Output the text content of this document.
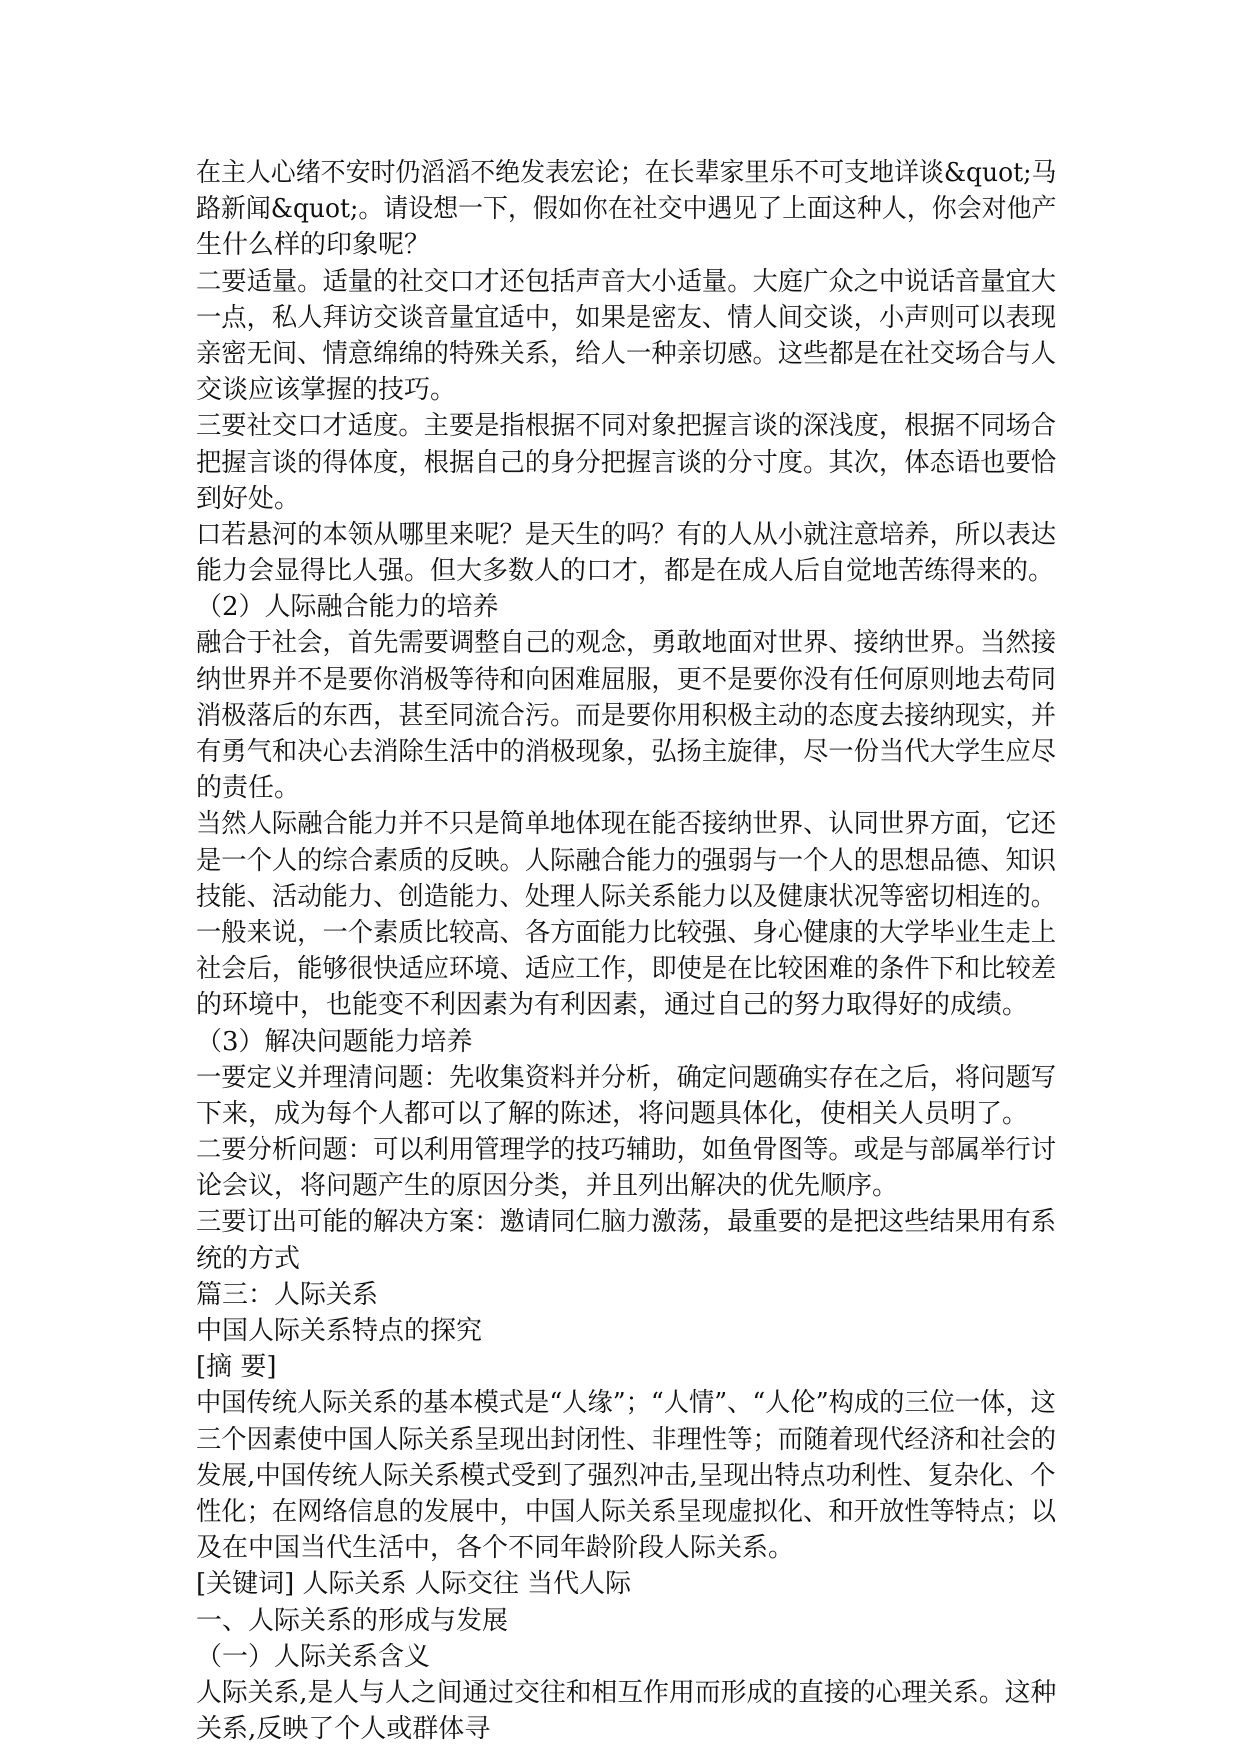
在主人心绪不安时仍滔滔不绝发表宏论；在长辈家里乐不可支地详谈&quot;马
路新闻&quot;。请设想一下，假如你在社交中遇见了上面这种人，你会对他产
生什么样的印象呢？
二要适量。适量的社交口才还包括声音大小适量。大庭广众之中说话音量宜大
一点，私人拜访交谈音量宜适中，如果是密友、情人间交谈，小声则可以表现
亲密无间、情意绵绵的特殊关系，给人一种亲切感。这些都是在社交场合与人
交谈应该掌握的技巧。
三要社交口才适度。主要是指根据不同对象把握言谈的深浅度，根据不同场合
把握言谈的得体度，根据自己的身分把握言谈的分寸度。其次，体态语也要恰
到好处。
口若悬河的本领从哪里来呢？是天生的吗？有的人从小就注意培养，所以表达
能力会显得比人强。但大多数人的口才，都是在成人后自觉地苦练得来的。
（2）人际融合能力的培养
融合于社会，首先需要调整自己的观念，勇敢地面对世界、接纳世界。当然接
纳世界并不是要你消极等待和向困难屈服，更不是要你没有任何原则地去苟同
消极落后的东西，甚至同流合污。而是要你用积极主动的态度去接纳现实，并
有勇气和决心去消除生活中的消极现象，弘扬主旋律，尽一份当代大学生应尽
的责任。
当然人际融合能力并不只是简单地体现在能否接纳世界、认同世界方面，它还
是一个人的综合素质的反映。人际融合能力的强弱与一个人的思想品德、知识
技能、活动能力、创造能力、处理人际关系能力以及健康状况等密切相连的。
一般来说，一个素质比较高、各方面能力比较强、身心健康的大学毕业生走上
社会后，能够很快适应环境、适应工作，即使是在比较困难的条件下和比较差
的环境中，也能变不利因素为有利因素，通过自己的努力取得好的成绩。
（3）解决问题能力培养
一要定义并理清问题：先收集资料并分析，确定问题确实存在之后，将问题写
下来，成为每个人都可以了解的陈述，将问题具体化，使相关人员明了。
二要分析问题：可以利用管理学的技巧辅助，如鱼骨图等。或是与部属举行讨
论会议，将问题产生的原因分类，并且列出解决的优先顺序。
三要订出可能的解决方案：邀请同仁脑力激荡，最重要的是把这些结果用有系
统的方式
篇三：人际关系
中国人际关系特点的探究
[摘 要]
中国传统人际关系的基本模式是“人缘”；“人情”、“人伦”构成的三位一体，这
三个因素使中国人际关系呈现出封闭性、非理性等；而随着现代经济和社会的
发展,中国传统人际关系模式受到了强烈冲击,呈现出特点功利性、复杂化、个
性化；在网络信息的发展中，中国人际关系呈现虚拟化、和开放性等特点；以
及在中国当代生活中，各个不同年龄阶段人际关系。
[关键词] 人际关系 人际交往 当代人际
一、人际关系的形成与发展
（一）人际关系含义
人际关系,是人与人之间通过交往和相互作用而形成的直接的心理关系。这种
关系,反映了个人或群体寻
